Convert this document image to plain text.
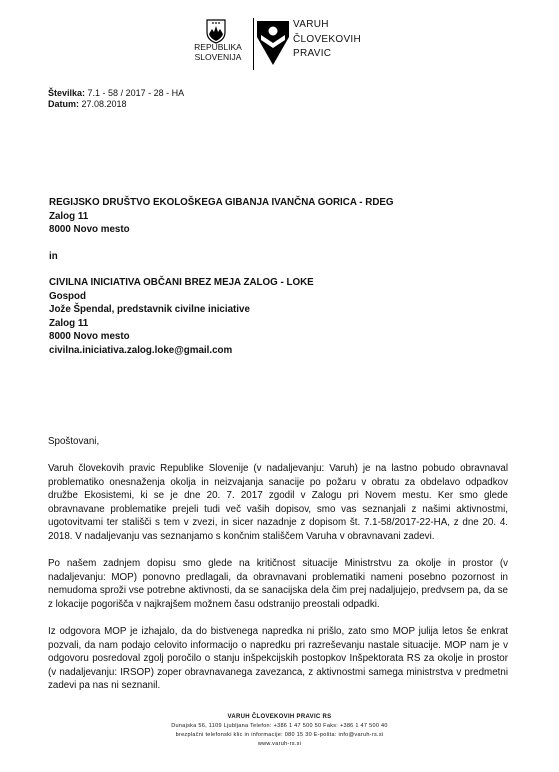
REPUBLIKA
SLOVENIJA
VARUH
ČLOVEKOVIH
PRAVIC
Številka: 7.1 - 58 / 2017 - 28 - HA
Datum: 27.08.2018
REGIJSKO DRUŠTVO EKOLOŠKEGA GIBANJA IVANČNA GORICA - RDEG
Zalog 11
8000 Novo mesto
in
CIVILNA INICIATIVA OBČANI BREZ MEJA ZALOG - LOKE
Gospod
Jože Špendal, predstavnik civilne iniciative
Zalog 11
8000 Novo mesto
civilna.iniciativa.zalog.loke@gmail.com
Spoštovani,
Varuh človekovih pravic Republike Slovenije (v nadaljevanju: Varuh) je na lastno pobudo obravnaval problematiko onesnaženja okolja in neizvajanja sanacije po požaru v obratu za obdelavo odpadkov družbe Ekosistemi, ki se je dne 20. 7. 2017 zgodil v Zalogu pri Novem mestu. Ker smo glede obravnavane problematike prejeli tudi več vaših dopisov, smo vas seznanjali z našimi aktivnostmi, ugotovitvami ter stališči s tem v zvezi, in sicer nazadnje z dopisom št. 7.1-58/2017-22-HA, z dne 20. 4. 2018. V nadaljevanju vas seznanjamo s končnim stališčem Varuha v obravnavani zadevi.
Po našem zadnjem dopisu smo glede na kritičnost situacije Ministrstvu za okolje in prostor (v nadaljevanju: MOP) ponovno predlagali, da obravnavani problematiki nameni posebno pozornost in nemudoma sproži vse potrebne aktivnosti, da se sanacijska dela čim prej nadaljujejo, predvsem pa, da se z lokacije pogorišča v najkrajšem možnem času odstranijo preostali odpadki.
Iz odgovora MOP je izhajalo, da do bistvenega napredka ni prišlo, zato smo MOP julija letos še enkrat pozvali, da nam podajo celovito informacijo o napredku pri razreševanju nastale situacije. MOP nam je v odgovoru posredoval zgolj poročilo o stanju inšpekcijskih postopkov Inšpektorata RS za okolje in prostor (v nadaljevanju: IRSOP) zoper obravnavanega zavezanca, z aktivnostmi samega ministrstva v predmetni zadevi pa nas ni seznanil.
VARUH ČLOVEKOVIH PRAVIC RS
Dunajska 56, 1109 Ljubljana Telefon: +386 1 47 500 50 Faks: +386 1 47 500 40
brezplačni telefonski klic in informacije: 080 15 30 E-pošta: info@varuh-rs.si
www.varuh-rs.si
